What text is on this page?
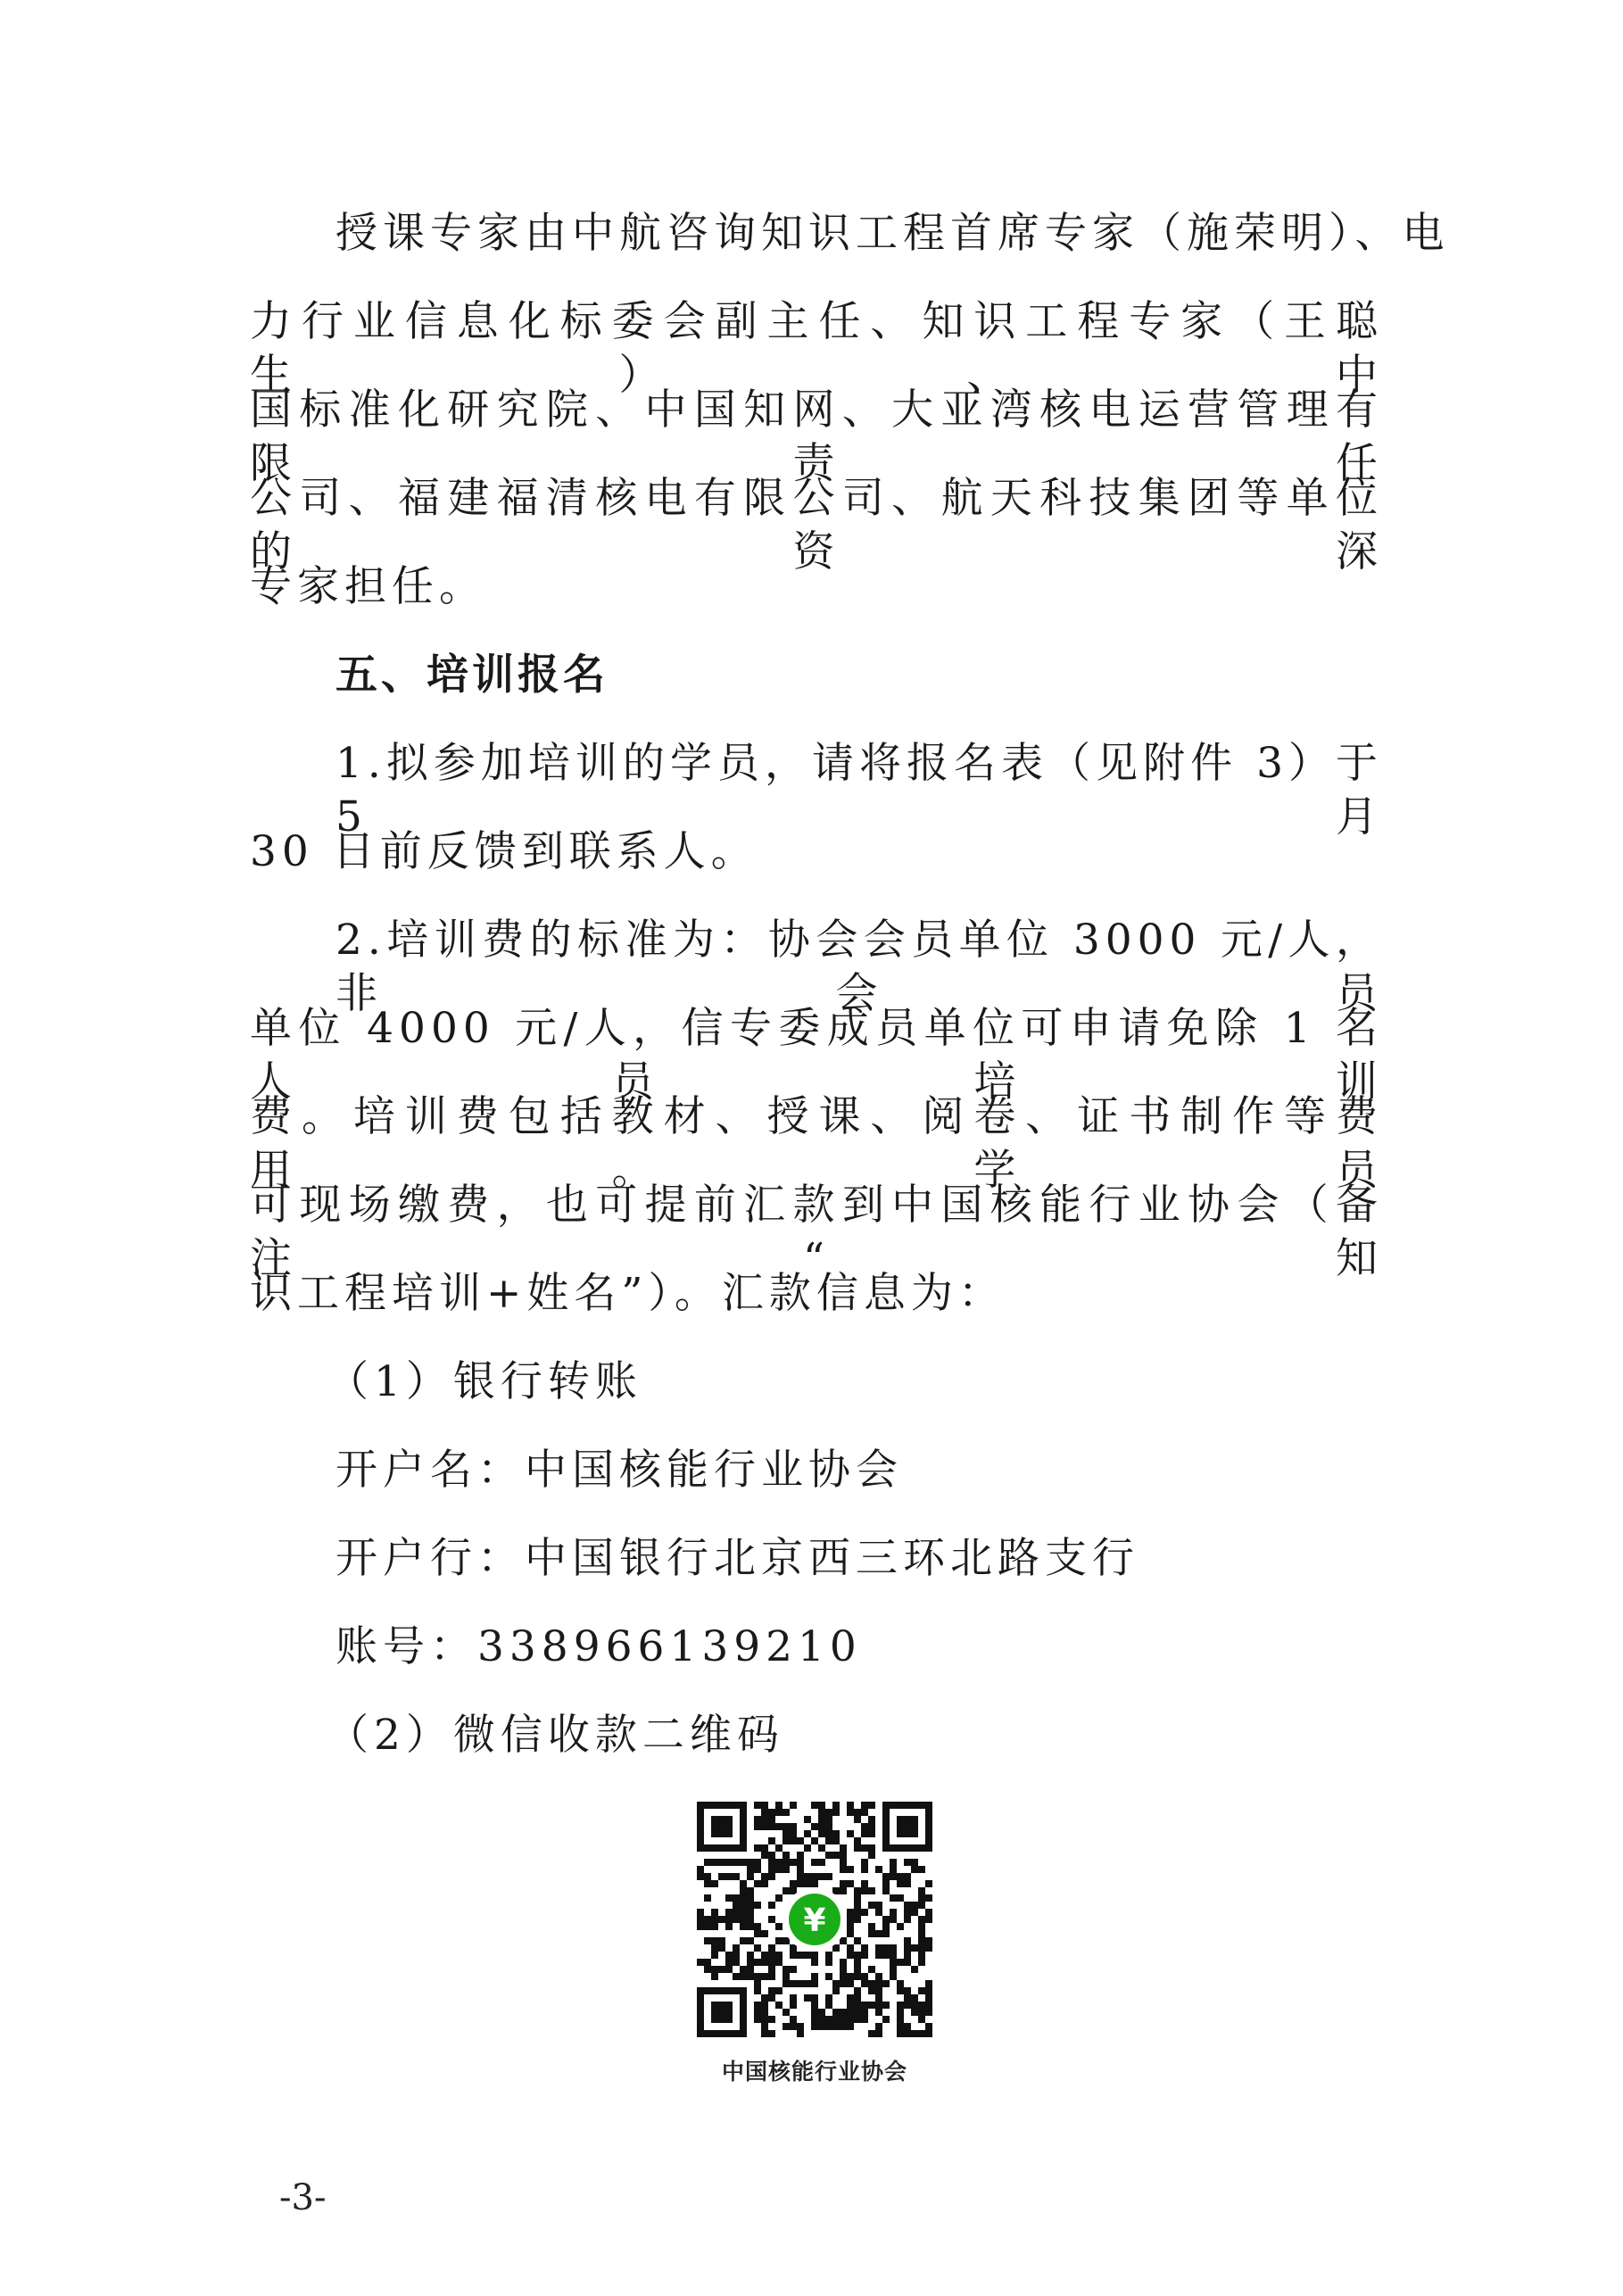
授课专家由中航咨询知识工程首席专家（施荣明）、电
力行业信息化标委会副主任、知识工程专家（王聪生）、中
国标准化研究院、中国知网、大亚湾核电运营管理有限责任
公司、福建福清核电有限公司、航天科技集团等单位的资深
专家担任。
五、培训报名
1.拟参加培训的学员，请将报名表（见附件 3）于 5 月
30 日前反馈到联系人。
2.培训费的标准为：协会会员单位 3000 元/人，非会员
单位 4000 元/人，信专委成员单位可申请免除 1 名人员培训
费。培训费包括教材、授课、阅卷、证书制作等费用。学员
可现场缴费，也可提前汇款到中国核能行业协会（备注“知
识工程培训+姓名”）。汇款信息为：
（1）银行转账
开户名：中国核能行业协会
开户行：中国银行北京西三环北路支行
账号：338966139210
（2）微信收款二维码
¥
中国核能行业协会
-3-
